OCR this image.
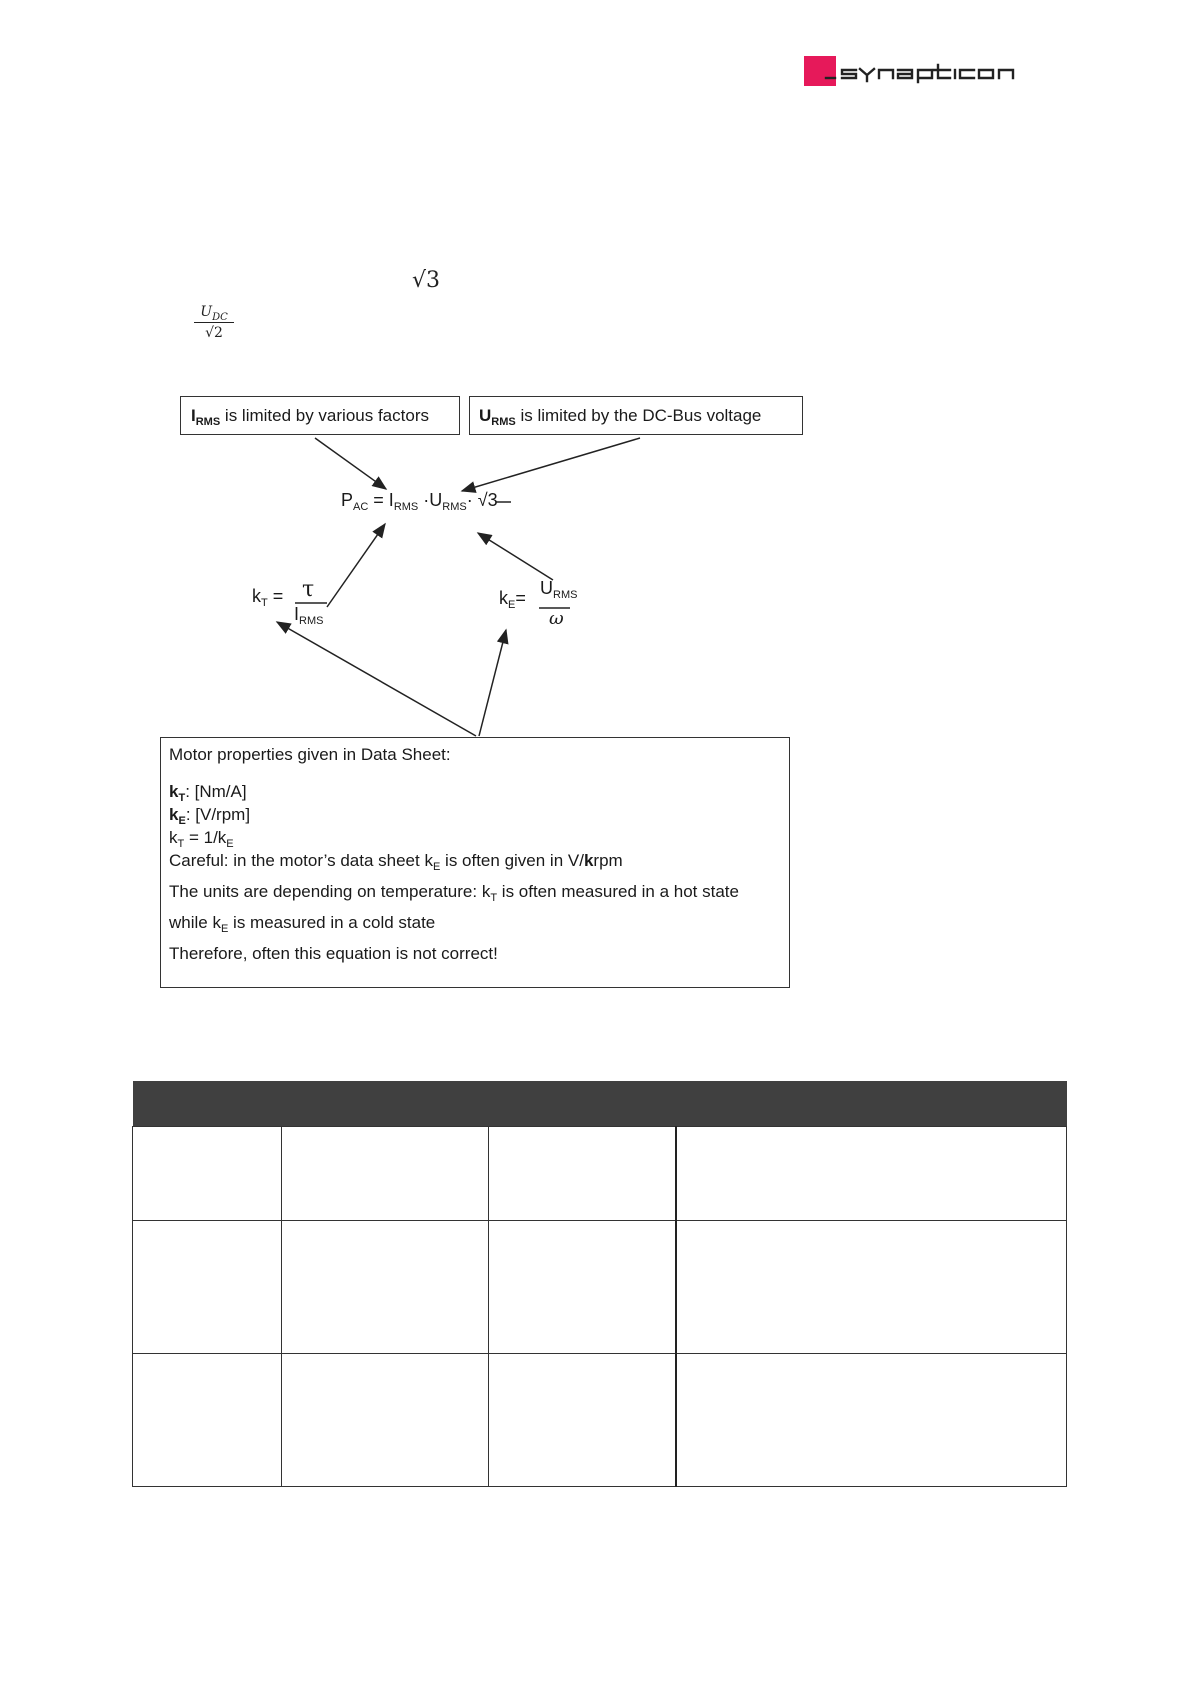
√3
$U_{DC}$
√2
$I_{RMS}$ is limited by various factors	$U_{RMS}$ is limited by the DC-Bus voltage
$P_{AC} = I_{RMS} \cdot U_{RMS}\cdot √3$
$k_T = \tau$
$I_{RMS}$
$k_E= U_{RMS}$
ω

Motor properties given in Data Sheet:

$k_T$: [Nm/A]

$k_E$: [V/rpm]

$k_T = 1/k_E$

Careful: in the motor’s data sheet $k_E$ is often given in V/krpm

The units are depending on temperature: $k_T$ is often measured in a hot state

while $k_E$ is measured in a cold state

Therefore, often this equation is not correct!
